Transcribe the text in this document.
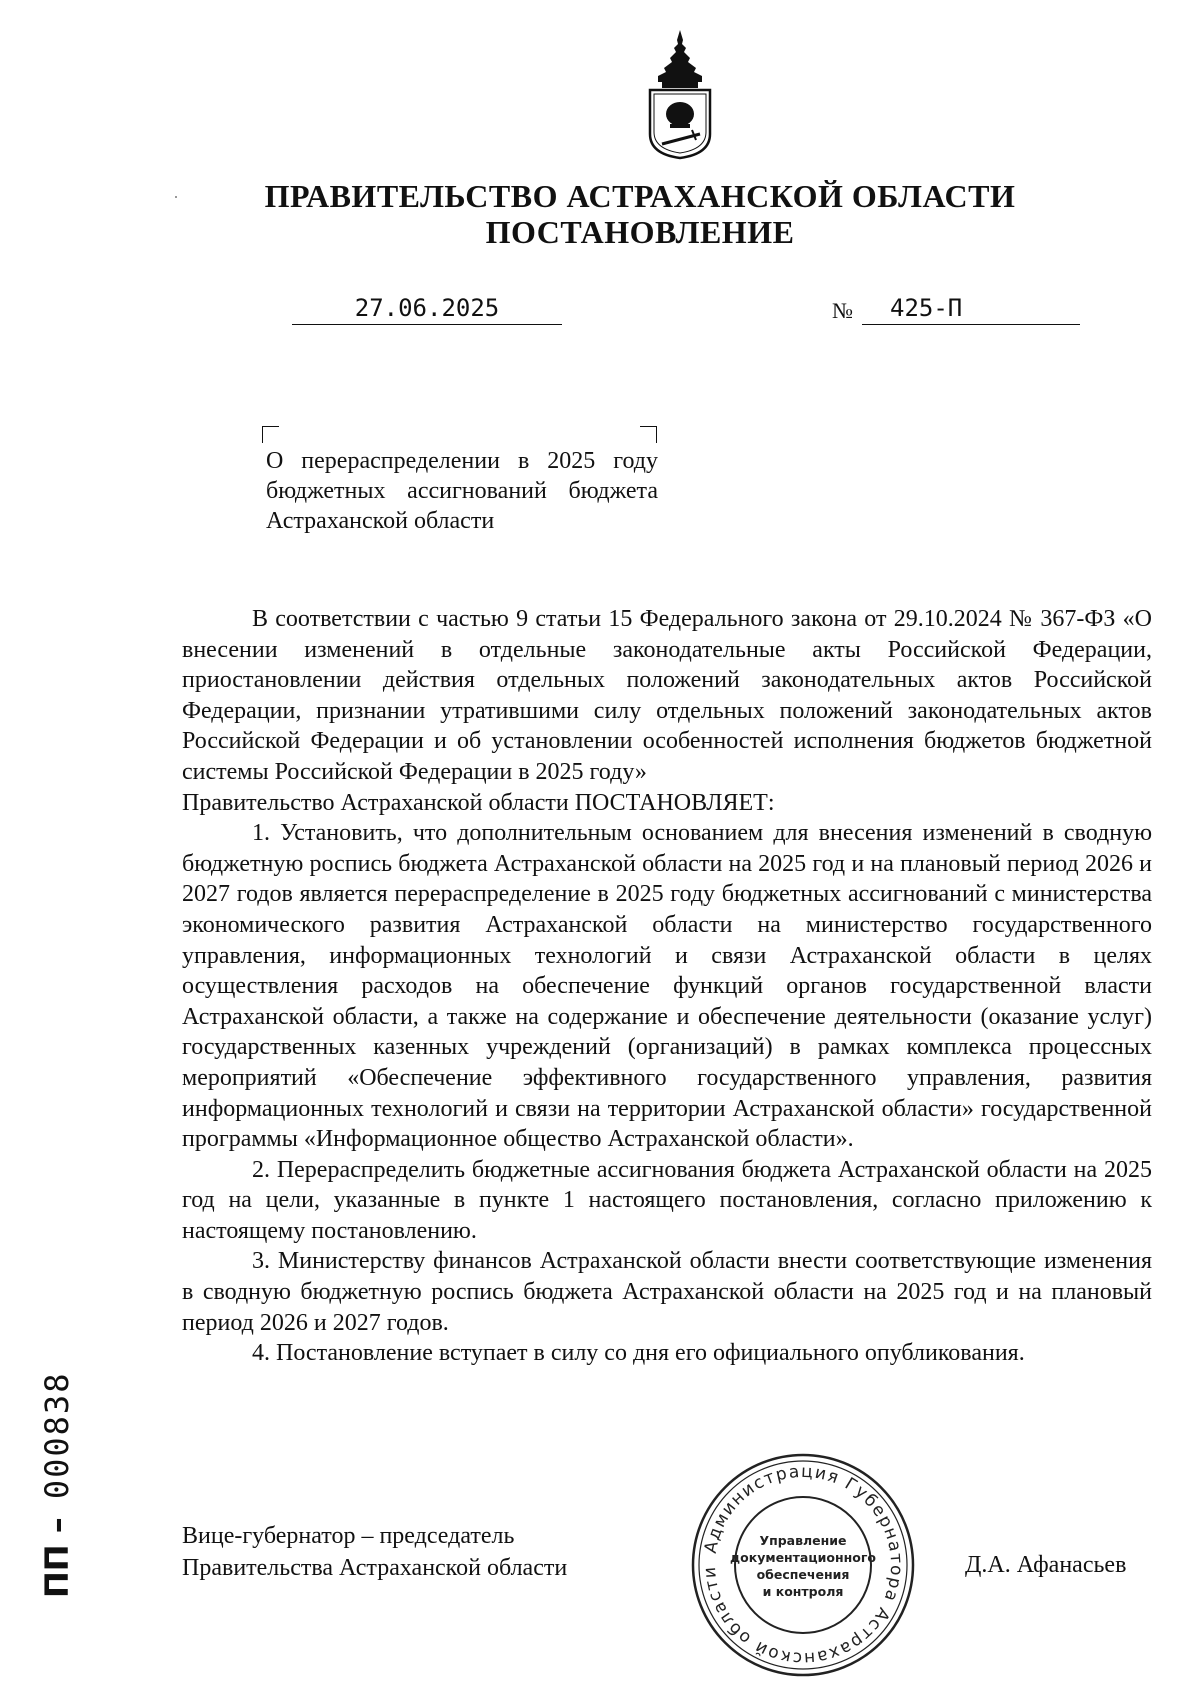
ПРАВИТЕЛЬСТВО АСТРАХАНСКОЙ ОБЛАСТИ
ПОСТАНОВЛЕНИЕ
27.06.2025	№	425-П
О перераспределении в 2025 году бюджетных ассигнований бюджета Астраханской области

В соответствии с частью 9 статьи 15 Федерального закона от 29.10.2024 № 367-ФЗ «О внесении изменений в отдельные законодательные акты Российской Федерации, приостановлении действия отдельных положений законодательных актов Российской Федерации, признании утратившими силу отдельных положений законодательных актов Российской Федерации и об установлении особенностей исполнения бюджетов бюджетной системы Российской Федерации в 2025 году»

Правительство Астраханской области ПОСТАНОВЛЯЕТ:

1. Установить, что дополнительным основанием для внесения изменений в сводную бюджетную роспись бюджета Астраханской области на 2025 год и на плановый период 2026 и 2027 годов является перераспределение в 2025 году бюджетных ассигнований с министерства экономического развития Астраханской области на министерство государственного управления, информационных технологий и связи Астраханской области в целях осуществления расходов на обеспечение функций органов государственной власти Астраханской области, а также на содержание и обеспечение деятельности (оказание услуг) государственных казенных учреждений (организаций) в рамках комплекса процессных мероприятий «Обеспечение эффективного государственного управления, развития информационных технологий и связи на территории Астраханской области» государственной программы «Информационное общество Астраханской области».

2. Перераспределить бюджетные ассигнования бюджета Астраханской области на 2025 год на цели, указанные в пункте 1 настоящего постановления, согласно приложению к настоящему постановлению.

3. Министерству финансов Астраханской области внести соответствующие изменения в сводную бюджетную роспись бюджета Астраханской области на 2025 год и на плановый период 2026 и 2027 годов.

4. Постановление вступает в силу со дня его официального опубликования.

Вице-губернатор – председатель
Правительства Астраханской области
Администрация Губернатора Астраханской области
Управление
документационного
обеспечения
и контроля
Д.А. Афанасьев
ПП – 000838
